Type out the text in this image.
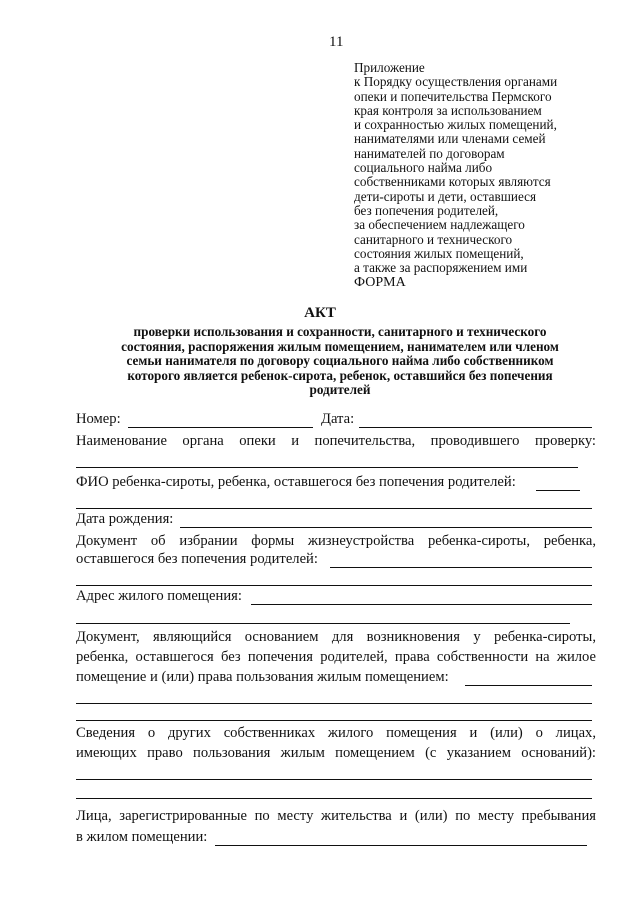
11
Приложение
к Порядку осуществления органами
опеки и попечительства Пермского
края контроля за использованием
и сохранностью жилых помещений,
нанимателями или членами семей
нанимателей по договорам
социального найма либо
собственниками которых являются
дети-сироты и дети, оставшиеся
без попечения родителей,
за обеспечением надлежащего
санитарного и технического
состояния жилых помещений,
а также за распоряжением ими
ФОРМА
АКТ
проверки использования и сохранности, санитарного и технического
состояния, распоряжения жилым помещением, нанимателем или членом
семьи нанимателя по договору социального найма либо собственником
которого является ребенок-сирота, ребенок, оставшийся без попечения
родителей
Номер:	Дата:
Наименование органа опеки и попечительства, проводившего проверку:
ФИО ребенка-сироты, ребенка, оставшегося без попечения родителей:
Дата рождения:
Документ об избрании формы жизнеустройства ребенка-сироты, ребенка,
оставшегося без попечения родителей:
Адрес жилого помещения:
Документ, являющийся основанием для возникновения у ребенка-сироты,
ребенка, оставшегося без попечения родителей, права собственности на жилое
помещение и (или) права пользования жилым помещением:
Сведения о других собственниках жилого помещения и (или) о лицах,
имеющих право пользования жилым помещением (с указанием оснований):
Лица, зарегистрированные по месту жительства и (или) по месту пребывания
в жилом помещении:
